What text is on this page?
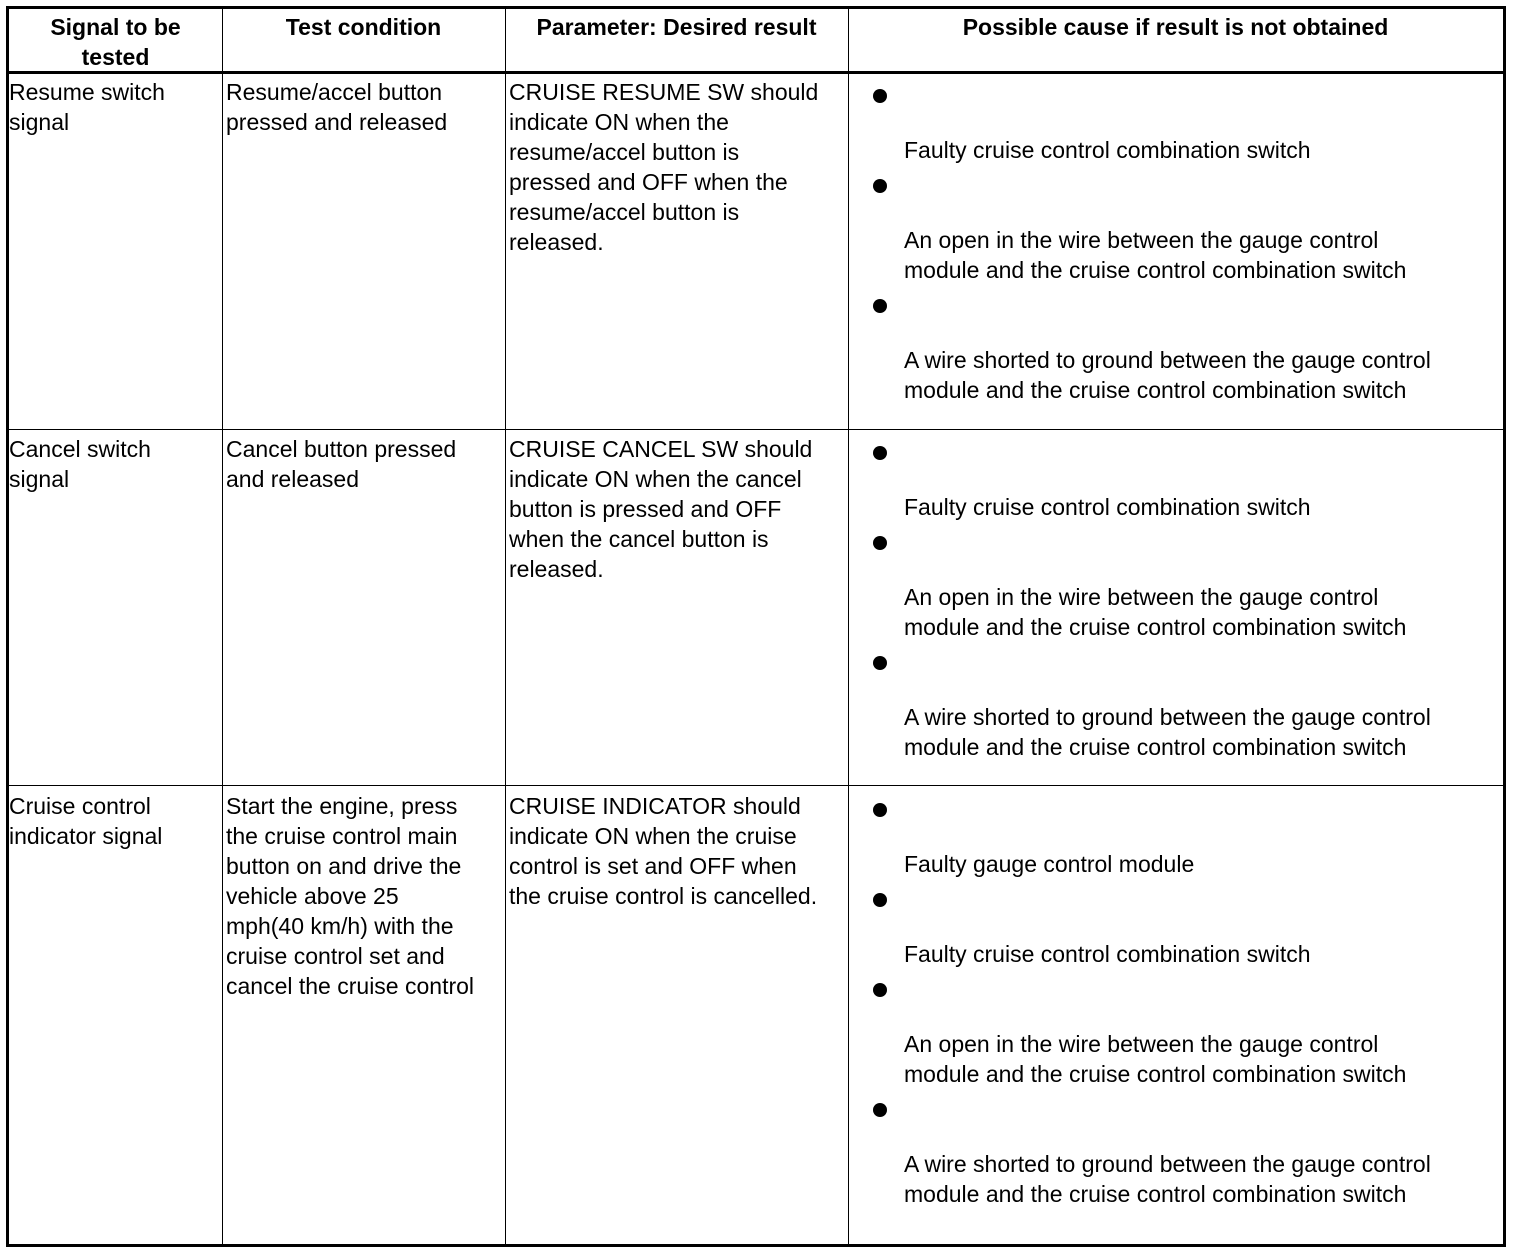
Signal to be
tested
Test condition	Parameter: Desired result	Possible cause if result is not obtained
Resume switch
signal
Resume/accel button
pressed and released
CRUISE RESUME SW should
indicate ON when the
resume/accel button is
pressed and OFF when the
resume/accel button is
released.
Faulty cruise control combination switch
An open in the wire between the gauge control
module and the cruise control combination switch
A wire shorted to ground between the gauge control
module and the cruise control combination switch
Cancel switch
signal
Cancel button pressed
and released
CRUISE CANCEL SW should
indicate ON when the cancel
button is pressed and OFF
when the cancel button is
released.
Faulty cruise control combination switch
An open in the wire between the gauge control
module and the cruise control combination switch
A wire shorted to ground between the gauge control
module and the cruise control combination switch
Cruise control
indicator signal
Start the engine, press
the cruise control main
button on and drive the
vehicle above 25
mph(40 km/h) with the
cruise control set and
cancel the cruise control
CRUISE INDICATOR should
indicate ON when the cruise
control is set and OFF when
the cruise control is cancelled.
Faulty gauge control module
Faulty cruise control combination switch
An open in the wire between the gauge control
module and the cruise control combination switch
A wire shorted to ground between the gauge control
module and the cruise control combination switch
